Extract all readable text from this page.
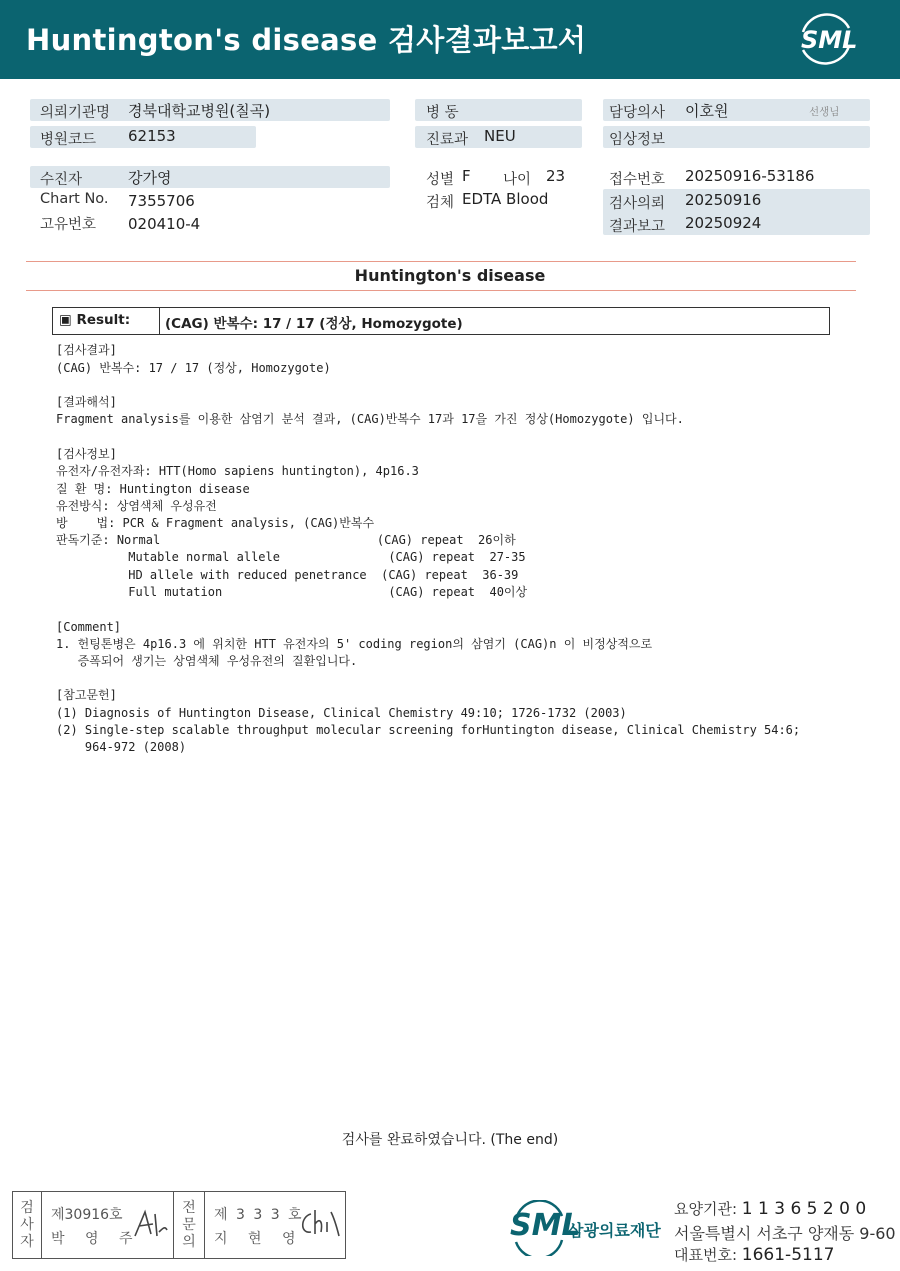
Huntington's disease 검사결과보고서	SML
의뢰기관명 경북대학교병원(칠곡)
병원코드 62153
병 동
진료과 NEU
담당의사 이호원	선생님
임상정보
수진자	강가영
Chart No. 7355706
고유번호 020410-4
성별 F 나이 23
검체 EDTA Blood
접수번호 20250916-53186
검사의뢰 20250916
결과보고 20250924
Huntington's disease
▣ Result:	(CAG) 반복수: 17 / 17 (정상, Homozygote)
[검사결과]
(CAG) 반복수: 17 / 17 (정상, Homozygote)
[결과해석]
Fragment analysis를 이용한 삼염기 분석 결과, (CAG)반복수 17과 17을 가진 정상(Homozygote) 입니다.
[검사정보]
유전자/유전자좌: HTT(Homo sapiens huntington), 4p16.3
질 환 명: Huntington disease
유전방식: 상염색체 우성유전
방    법: PCR & Fragment analysis, (CAG)반복수
판독기준: Normal                              (CAG) repeat  26이하
Mutable normal allele               (CAG) repeat  27-35
HD allele with reduced penetrance  (CAG) repeat  36-39
Full mutation                       (CAG) repeat  40이상
[Comment]
1. 헌팅톤병은 4p16.3 에 위치한 HTT 유전자의 5' coding region의 삼염기 (CAG)n 이 비정상적으로
증폭되어 생기는 상염색체 우성유전의 질환입니다.
[참고문헌]
(1) Diagnosis of Huntington Disease, Clinical Chemistry 49:10; 1726-1732 (2003)
(2) Single-step scalable throughput molecular screening forHuntington disease, Clinical Chemistry 54:6;
964-972 (2008)
검사를 완료하였습니다. (The end)
검
사
자
제30916호
박 영 주
전
문
의
제 3 3 3 호
지 현 영	SML
삼광의료재단
요양기관: 1 1 3 6 5 2 0 0
서울특별시 서초구 양재동 9-60
대표번호: 1661-5117
